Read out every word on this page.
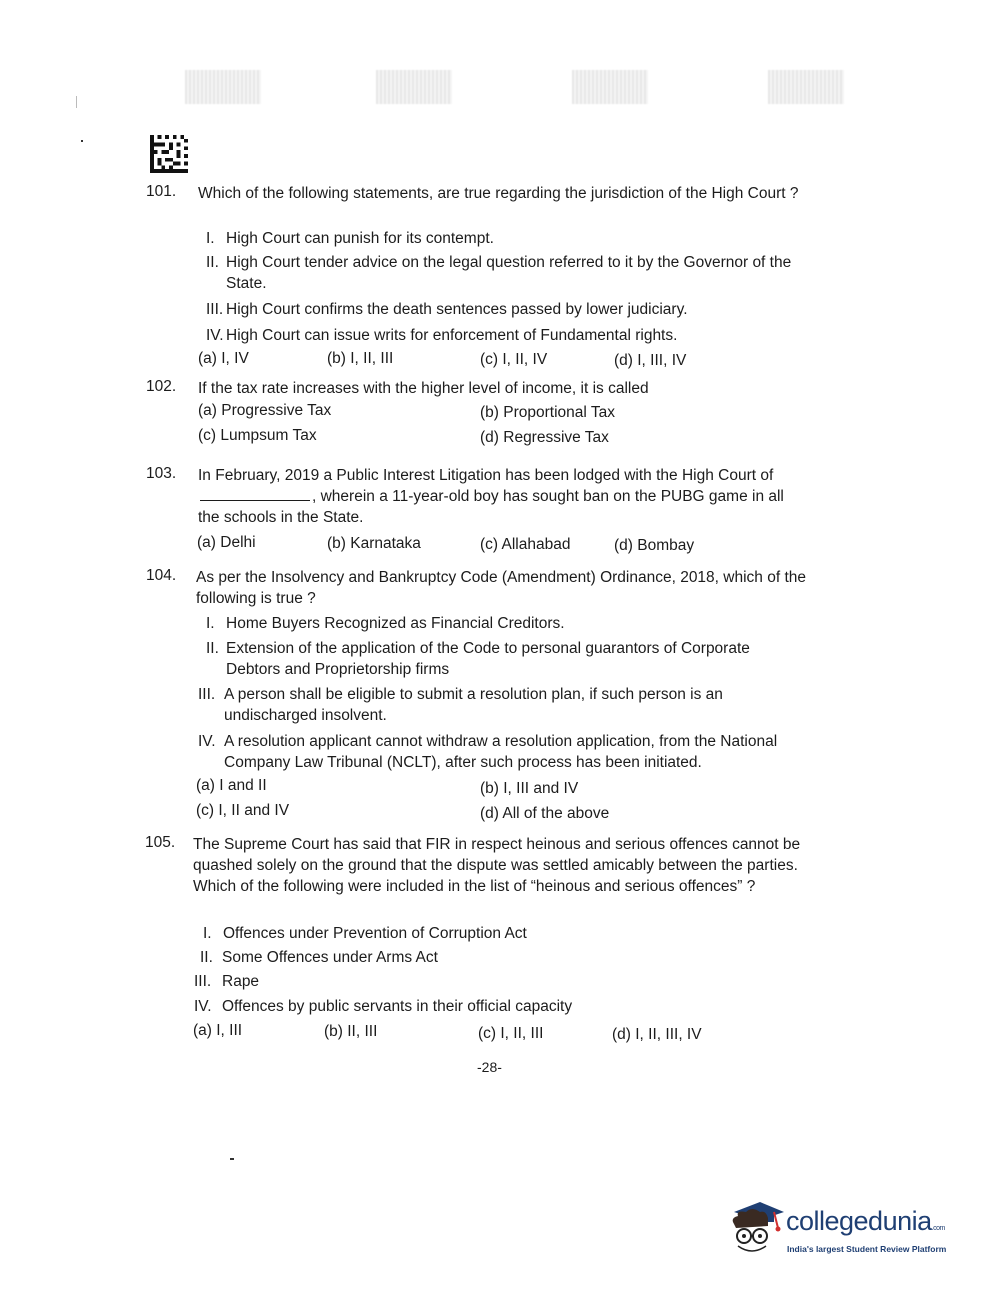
101. Which of the following statements, are true regarding the jurisdiction of the High Court ?
I. High Court can punish for its contempt.
II. High Court tender advice on the legal question referred to it by the Governor of the State.
III. High Court confirms the death sentences passed by lower judiciary.
IV. High Court can issue writs for enforcement of Fundamental rights.
(a) I, IV	(b) I, II, III	(c) I, II, IV	(d) I, III, IV
102. If the tax rate increases with the higher level of income, it is called
(a) Progressive Tax	(b) Proportional Tax
(c) Lumpsum Tax	(d) Regressive Tax
103. In February, 2019 a Public Interest Litigation has been lodged with the High Court of, wherein a 11-year-old boy has sought ban on the PUBG game in all the schools in the State.
(a) Delhi	(b) Karnataka	(c) Allahabad	(d) Bombay
104. As per the Insolvency and Bankruptcy Code (Amendment) Ordinance, 2018, which of the following is true ?
I. Home Buyers Recognized as Financial Creditors.
II. Extension of the application of the Code to personal guarantors of Corporate Debtors and Proprietorship firms
III. A person shall be eligible to submit a resolution plan, if such person is an undischarged insolvent.
IV. A resolution applicant cannot withdraw a resolution application, from the National Company Law Tribunal (NCLT), after such process has been initiated.
(a) I and II	(b) I, III and IV
(c) I, II and IV	(d) All of the above
105. The Supreme Court has said that FIR in respect heinous and serious offences cannot be quashed solely on the ground that the dispute was settled amicably between the parties. Which of the following were included in the list of “heinous and serious offences” ?
I. Offences under Prevention of Corruption Act
II. Some Offences under Arms Act
III. Rape
IV. Offences by public servants in their official capacity
(a) I, III	(b) II, III	(c) I, II, III	(d) I, II, III, IV
-28-
collegedunia.com
India's largest Student Review Platform
